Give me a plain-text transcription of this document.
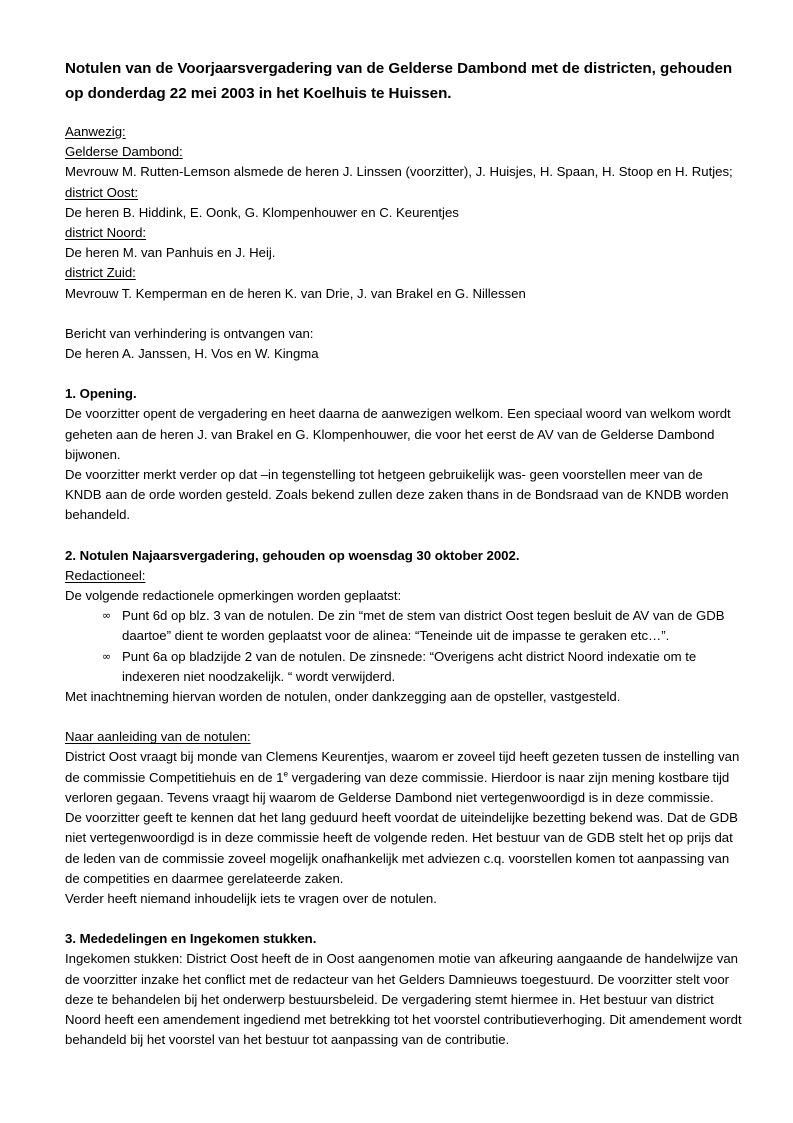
Notulen van de Voorjaarsvergadering van de Gelderse Dambond met de districten, gehouden op donderdag 22 mei 2003 in het Koelhuis te Huissen.

Aanwezig:

Gelderse Dambond:

Mevrouw M. Rutten-Lemson alsmede de heren J. Linssen (voorzitter), J. Huisjes, H. Spaan, H. Stoop en H. Rutjes;

district Oost:

De heren B. Hiddink, E. Oonk, G. Klompenhouwer en C. Keurentjes

district Noord:

De heren M. van Panhuis en J. Heij.

district Zuid:

Mevrouw T. Kemperman en de heren K. van Drie, J. van Brakel en G. Nillessen

Bericht van verhindering is ontvangen van:

De heren A. Janssen, H. Vos en W. Kingma

1. Opening.

De voorzitter opent de vergadering en heet daarna de aanwezigen welkom. Een speciaal woord van welkom wordt geheten aan de heren J. van Brakel en G. Klompenhouwer, die voor het eerst de AV van de Gelderse Dambond bijwonen.

De voorzitter merkt verder op dat –in tegenstelling tot hetgeen gebruikelijk was- geen voorstellen meer van de KNDB aan de orde worden gesteld. Zoals bekend zullen deze zaken thans in de Bondsraad van de KNDB worden behandeld.

2. Notulen Najaarsvergadering, gehouden op woensdag 30 oktober 2002.

Redactioneel:

De volgende redactionele opmerkingen worden geplaatst:

∞ Punt 6d op blz. 3 van de notulen. De zin “met de stem van district Oost tegen besluit de AV van de GDB daartoe” dient te worden geplaatst voor de alinea: “Teneinde uit de impasse te geraken etc…”.
∞ Punt 6a op bladzijde 2 van de notulen. De zinsnede: “Overigens acht district Noord indexatie om te indexeren niet noodzakelijk. “ wordt verwijderd.

Met inachtneming hiervan worden de notulen, onder dankzegging aan de opsteller, vastgesteld.

Naar aanleiding van de notulen:

District Oost vraagt bij monde van Clemens Keurentjes, waarom er zoveel tijd heeft gezeten tussen de instelling van de commissie Competitiehuis en de 1e vergadering van deze commissie. Hierdoor is naar zijn mening kostbare tijd verloren gegaan. Tevens vraagt hij waarom de Gelderse Dambond niet vertegenwoordigd is in deze commissie.

De voorzitter geeft te kennen dat het lang geduurd heeft voordat de uiteindelijke bezetting bekend was. Dat de GDB niet vertegenwoordigd is in deze commissie heeft de volgende reden. Het bestuur van de GDB stelt het op prijs dat de leden van de commissie zoveel mogelijk onafhankelijk met adviezen c.q. voorstellen komen tot aanpassing van de competities en daarmee gerelateerde zaken.

Verder heeft niemand inhoudelijk iets te vragen over de notulen.

3. Mededelingen en Ingekomen stukken.

Ingekomen stukken: District Oost heeft de in Oost aangenomen motie van afkeuring aangaande de handelwijze van de voorzitter inzake het conflict met de redacteur van het Gelders Damnieuws toegestuurd. De voorzitter stelt voor deze te behandelen bij het onderwerp bestuursbeleid. De vergadering stemt hiermee in. Het bestuur van district Noord heeft een amendement ingediend met betrekking tot het voorstel contributieverhoging. Dit amendement wordt behandeld bij het voorstel van het bestuur tot aanpassing van de contributie.
